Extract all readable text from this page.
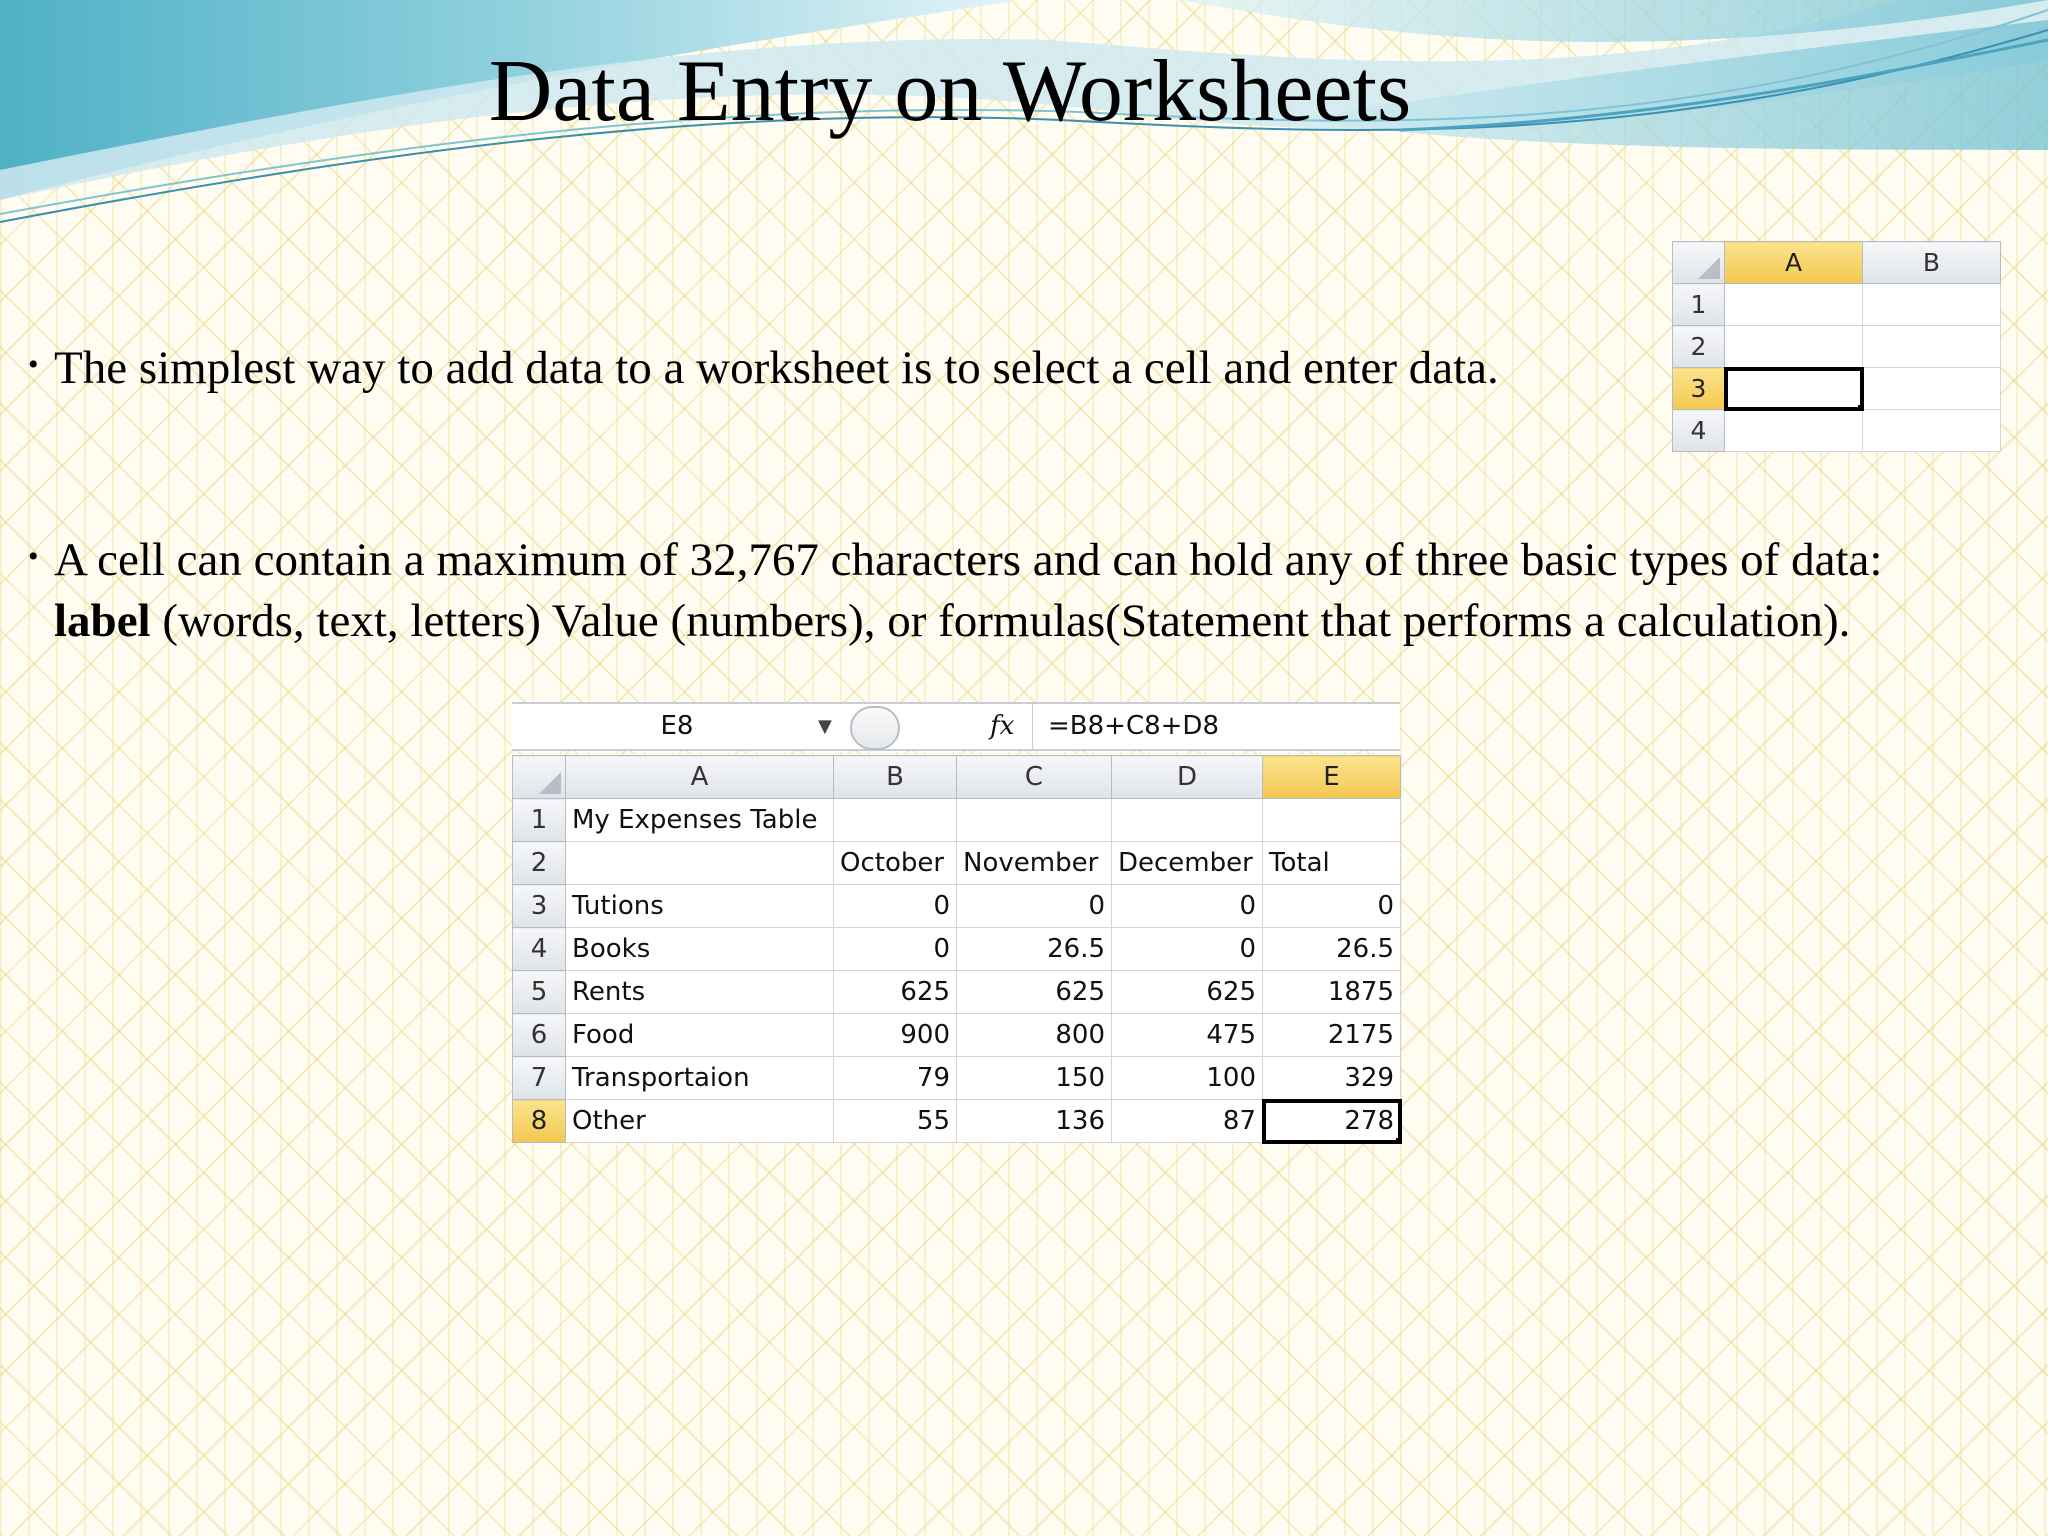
Data Entry on Worksheets
• The simplest way to add data to a worksheet is to select a cell and enter data.
• A cell can contain a maximum of 32,767 characters and can hold any of three basic types of data: label (words, text, letters) Value (numbers), or formulas(Statement that performs a calculation).
	A	B
1		
2		
3		
4		
E8	▼	fx =B8+C8+D8
	A	B	C	D	E
1	My Expenses Table				
2		October	November	December	Total
3	Tutions	0	0	0	0
4	Books	0	26.5	0	26.5
5	Rents	625	625	625	1875
6	Food	900	800	475	2175
7	Transportaion	79	150	100	329
8	Other	55	136	87	278
